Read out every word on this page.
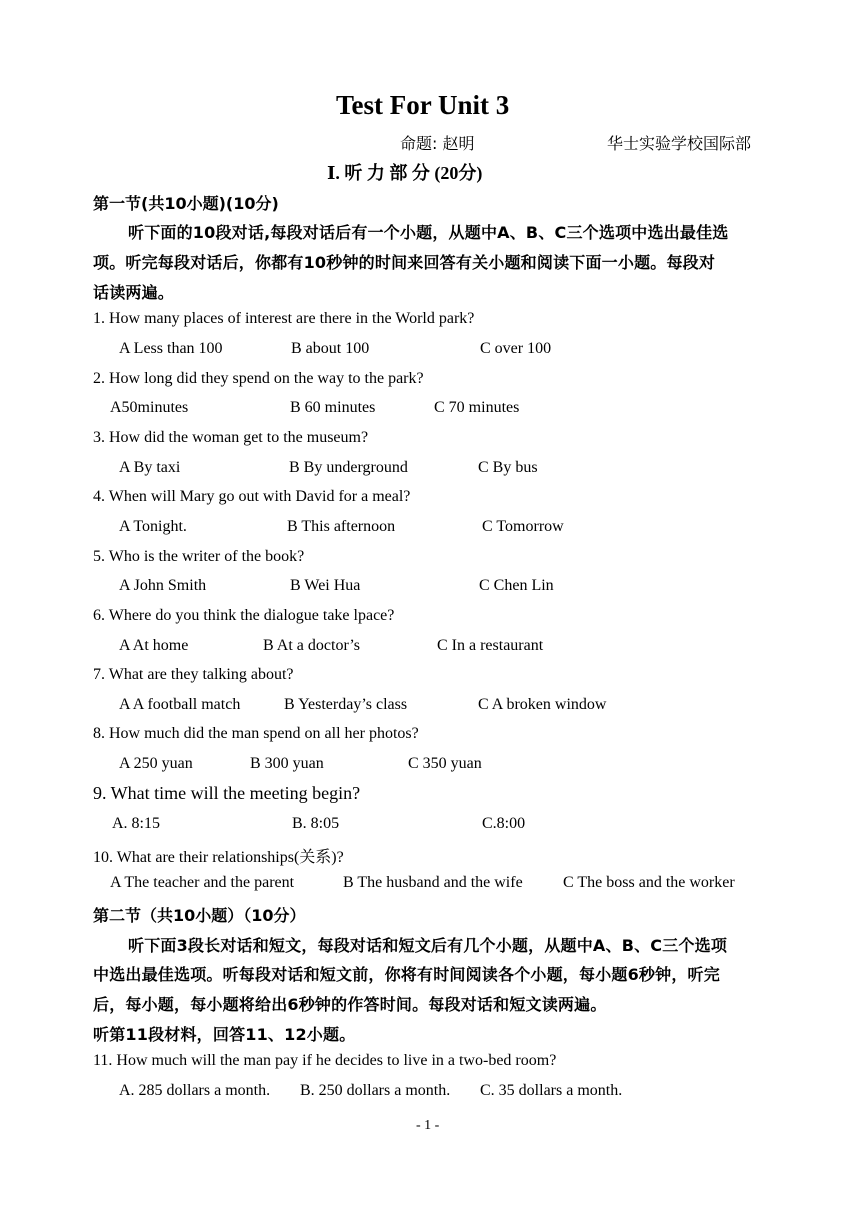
Test For Unit 3
命题: 赵明	华士实验学校国际部
Ⅰ. 听 力 部 分 (20分)
第一节(共10小题)(10分)
听下面的10段对话,每段对话后有一个小题，从题中A、B、C三个选项中选出最佳选
项。听完每段对话后，你都有10秒钟的时间来回答有关小题和阅读下面一小题。每段对
话读两遍。
1. How many places of interest are there in the World park?
A Less than 100	B about 100	C over 100
2. How long did they spend on the way to the park?
A50minutes	B 60 minutes	C 70 minutes
3. How did the woman get to the museum?
A By taxi	B By underground	C By bus
4. When will Mary go out with David for a meal?
A Tonight.	B This afternoon	C Tomorrow
5. Who is the writer of the book?
A John Smith	B Wei Hua	C Chen Lin
6. Where do you think the dialogue take lpace?
A At home	B At a doctor’s	C In a restaurant
7. What are they talking about?
A A football match	B Yesterday’s class	C A broken window
8. How much did the man spend on all her photos?
A 250 yuan	B 300 yuan	C 350 yuan
9. What time will the meeting begin?
A. 8:15	B. 8:05	C.8:00
10. What are their relationships(关系)?
A The teacher and the parent	B The husband and the wife	C The boss and the worker
第二节（共10小题）（10分）
听下面3段长对话和短文，每段对话和短文后有几个小题，从题中A、B、C三个选项
中选出最佳选项。听每段对话和短文前，你将有时间阅读各个小题，每小题6秒钟，听完
后，每小题，每小题将给出6秒钟的作答时间。每段对话和短文读两遍。
听第11段材料，回答11、12小题。
11. How much will the man pay if he decides to live in a two-bed room?
A. 285 dollars a month. B. 250 dollars a month. C. 35 dollars a month.
- 1 -
